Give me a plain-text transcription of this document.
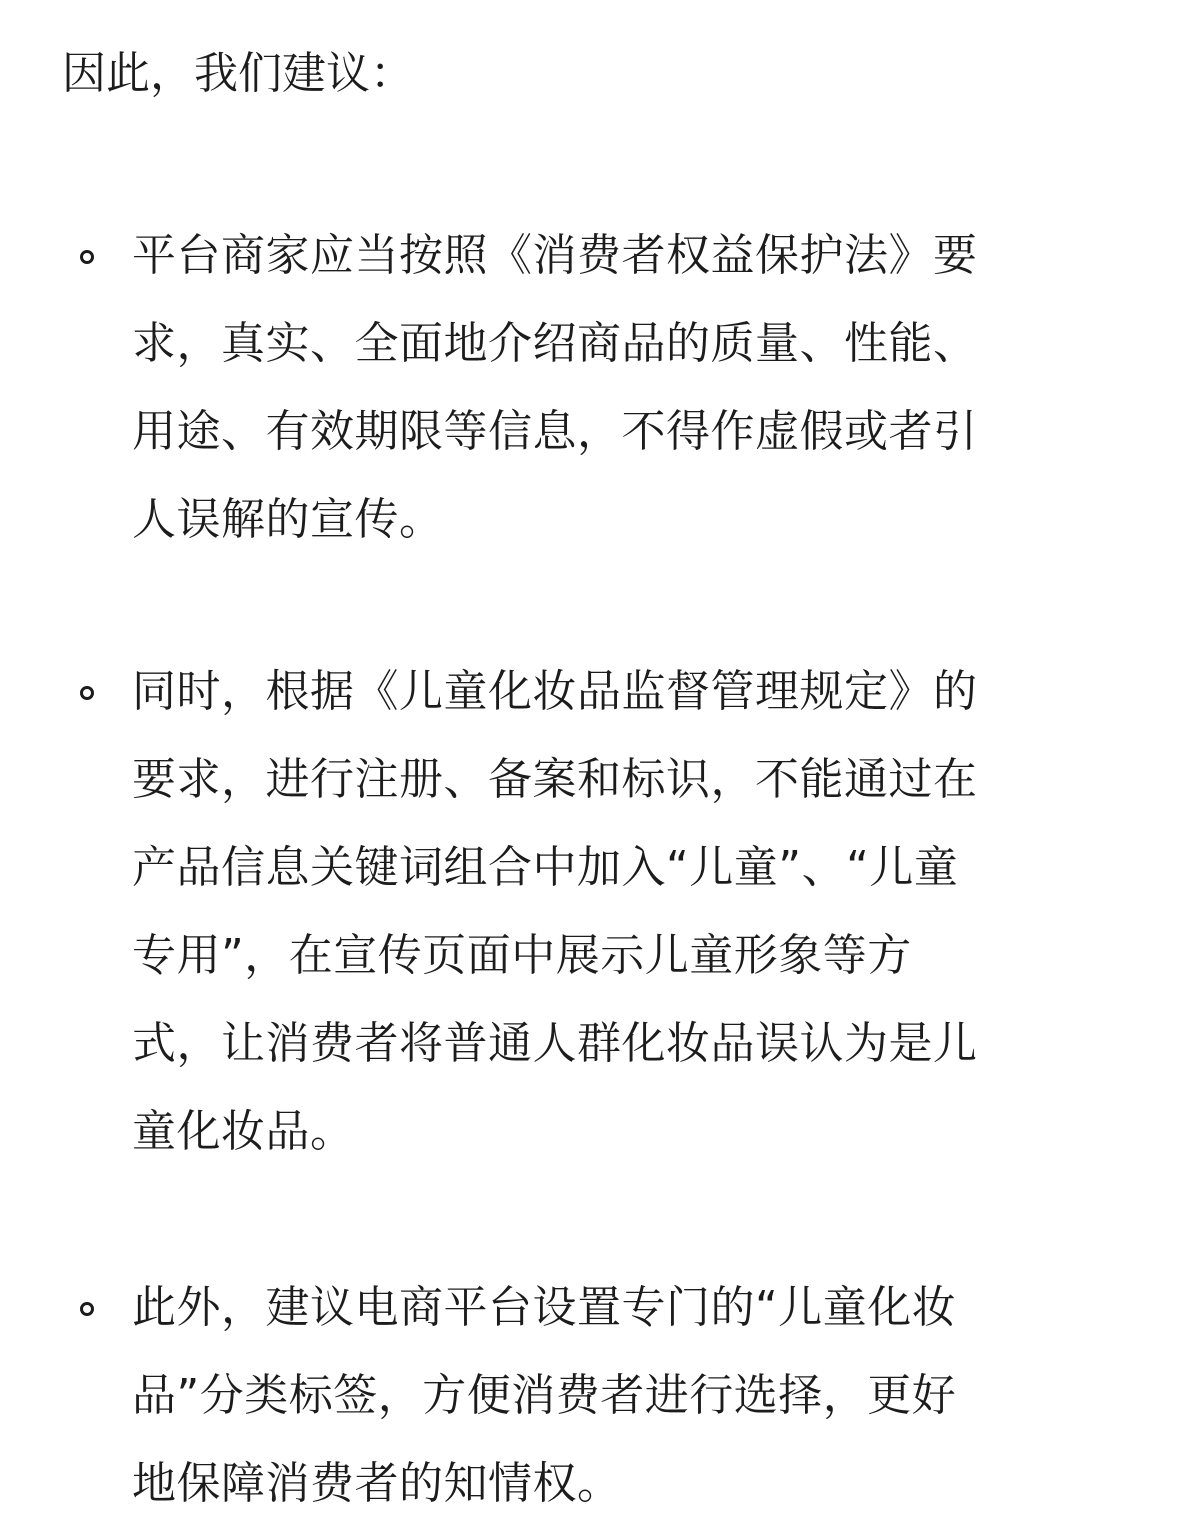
因此，我们建议：

平台商家应当按照《消费者权益保护法》要
求，真实、全面地介绍商品的质量、性能、
用途、有效期限等信息，不得作虚假或者引
人误解的宣传。

同时，根据《儿童化妆品监督管理规定》的
要求，进行注册、备案和标识，不能通过在
产品信息关键词组合中加入“儿童”、“儿童
专用”，在宣传页面中展示儿童形象等方
式，让消费者将普通人群化妆品误认为是儿
童化妆品。

此外，建议电商平台设置专门的“儿童化妆
品”分类标签，方便消费者进行选择，更好
地保障消费者的知情权。
